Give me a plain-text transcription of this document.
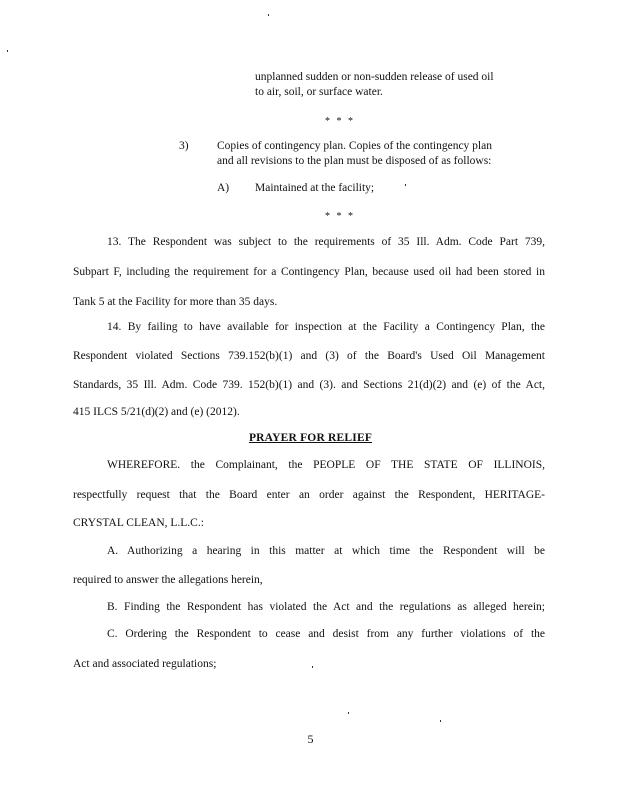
unplanned sudden or non-sudden release of used oil
to air, soil, or surface water.
* * *
3) Copies of contingency plan. Copies of the contingency plan
and all revisions to the plan must be disposed of as follows:
A) Maintained at the facility;
* * *
13. The Respondent was subject to the requirements of 35 Ill. Adm. Code Part 739,
Subpart F, including the requirement for a Contingency Plan, because used oil had been stored in
Tank 5 at the Facility for more than 35 days.
14. By failing to have available for inspection at the Facility a Contingency Plan, the
Respondent violated Sections 739.152(b)(1) and (3) of the Board's Used Oil Management
Standards, 35 Ill. Adm. Code 739. 152(b)(1) and (3). and Sections 21(d)(2) and (e) of the Act,
415 ILCS 5/21(d)(2) and (e) (2012).
PRAYER FOR RELIEF
WHEREFORE. the Complainant, the PEOPLE OF THE STATE OF ILLINOIS,
respectfully request that the Board enter an order against the Respondent, HERITAGE-
CRYSTAL CLEAN, L.L.C.:
A. Authorizing a hearing in this matter at which time the Respondent will be
required to answer the allegations herein,
B. Finding the Respondent has violated the Act and the regulations as alleged herein;
C. Ordering the Respondent to cease and desist from any further violations of the
Act and associated regulations;
5
